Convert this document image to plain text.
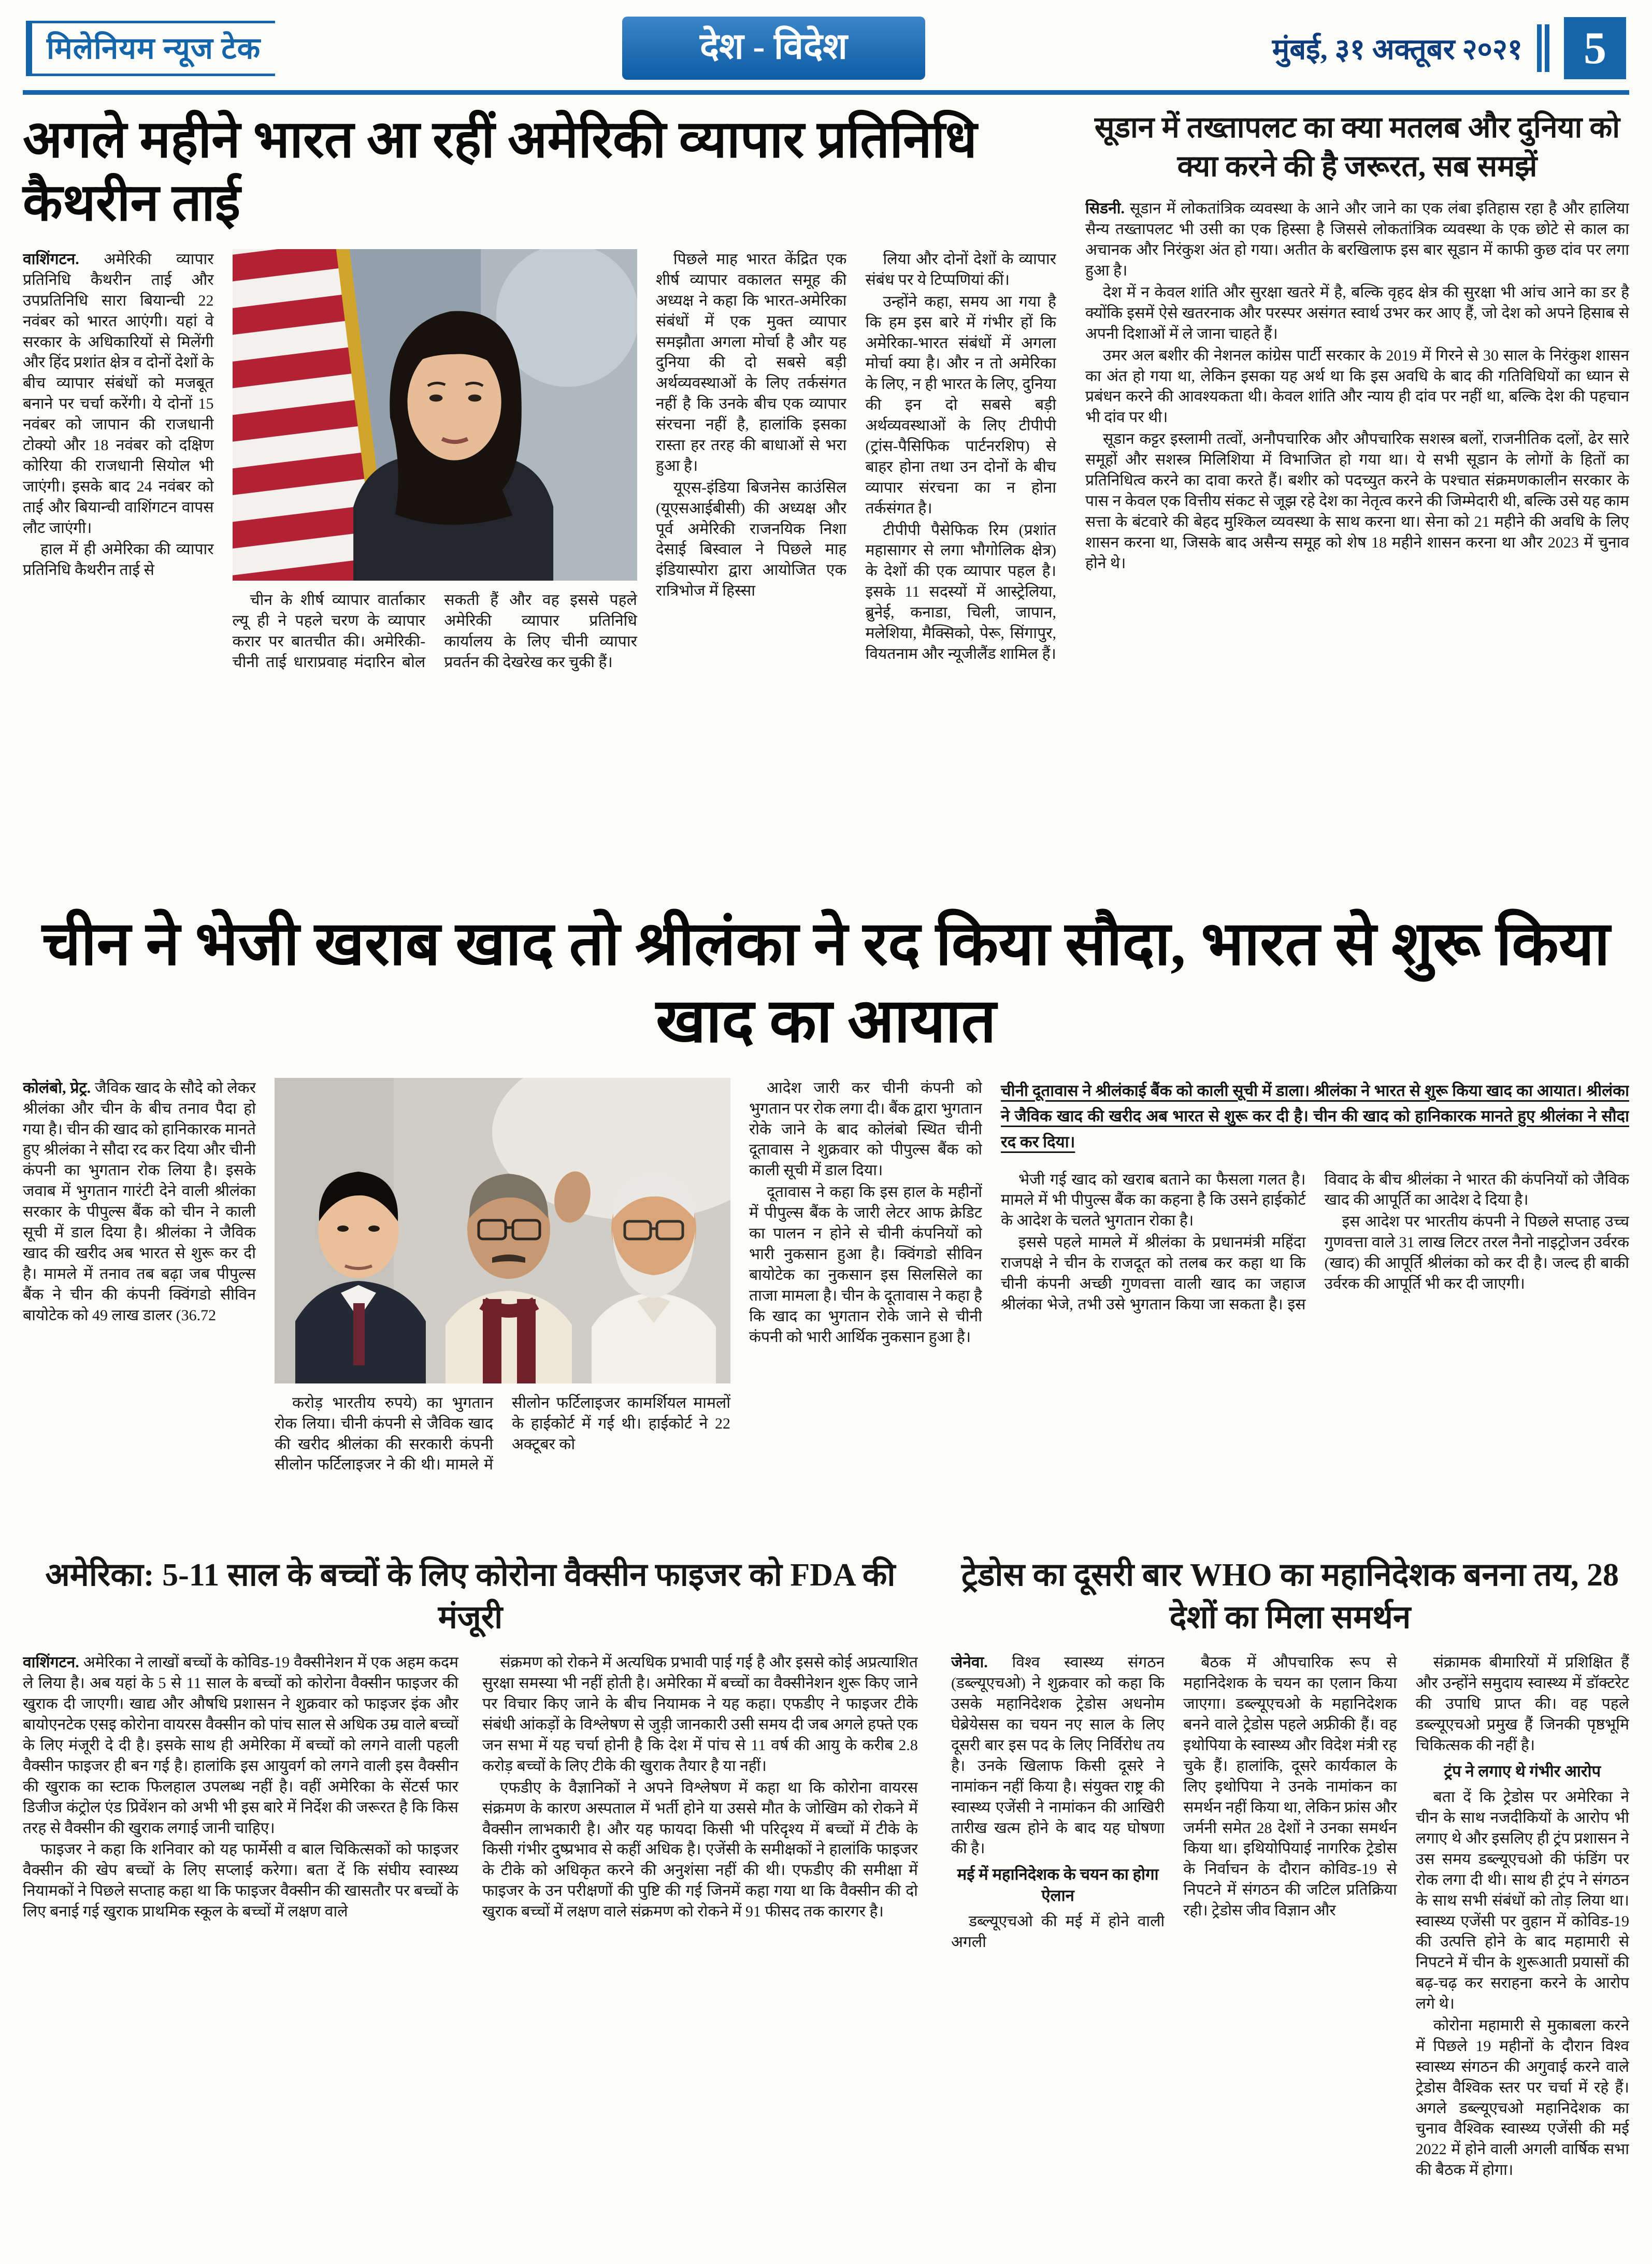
मिलेनियम न्यूज टेक	देश - विदेश	मुंबई, ३१ अक्तूबर २०२१	5
अगले महीने भारत आ रहीं अमेरिकी व्यापार प्रतिनिधि कैथरीन ताई

वाशिंगटन. अमेरिकी व्यापार प्रतिनिधि कैथरीन ताई और उपप्रतिनिधि सारा बियान्ची 22 नवंबर को भारत आएंगी। यहां वे सरकार के अधिकारियों से मिलेंगी और हिंद प्रशांत क्षेत्र व दोनों देशों के बीच व्यापार संबंधों को मजबूत बनाने पर चर्चा करेंगी। ये दोनों 15 नवंबर को जापान की राजधानी टोक्यो और 18 नवंबर को दक्षिण कोरिया की राजधानी सियोल भी जाएंगी। इसके बाद 24 नवंबर को ताई और बियान्ची वाशिंगटन वापस लौट जाएंगी।

हाल में ही अमेरिका की व्यापार प्रतिनिधि कैथरीन ताई से

चीन के शीर्ष व्यापार वार्ताकार ल्यू ही ने पहले चरण के व्यापार करार पर बातचीत की। अमेरिकी-चीनी ताई धाराप्रवाह मंदारिन बोल सकती हैं और वह इससे पहले अमेरिकी व्यापार प्रतिनिधि कार्यालय के लिए चीनी व्यापार प्रवर्तन की देखरेख कर चुकी हैं।

पिछले माह भारत केंद्रित एक शीर्ष व्यापार वकालत समूह की अध्यक्ष ने कहा कि भारत-अमेरिका संबंधों में एक मुक्त व्यापार समझौता अगला मोर्चा है और यह दुनिया की दो सबसे बड़ी अर्थव्यवस्थाओं के लिए तर्कसंगत नहीं है कि उनके बीच एक व्यापार संरचना नहीं है, हालांकि इसका रास्ता हर तरह की बाधाओं से भरा हुआ है।

यूएस-इंडिया बिजनेस काउंसिल (यूएसआईबीसी) की अध्यक्ष और पूर्व अमेरिकी राजनयिक निशा देसाई बिस्वाल ने पिछले माह इंडियास्पोरा द्वारा आयोजित एक रात्रिभोज में हिस्सा

लिया और दोनों देशों के व्यापार संबंध पर ये टिप्पणियां कीं।

उन्होंने कहा, समय आ गया है कि हम इस बारे में गंभीर हों कि अमेरिका-भारत संबंधों में अगला मोर्चा क्या है। और न तो अमेरिका के लिए, न ही भारत के लिए, दुनिया की इन दो सबसे बड़ी अर्थव्यवस्थाओं के लिए टीपीपी (ट्रांस-पैसिफिक पार्टनरशिप) से बाहर होना तथा उन दोनों के बीच व्यापार संरचना का न होना तर्कसंगत है।

टीपीपी पैसेफिक रिम (प्रशांत महासागर से लगा भौगोलिक क्षेत्र) के देशों की एक व्यापार पहल है। इसके 11 सदस्यों में आस्ट्रेलिया, ब्रुनेई, कनाडा, चिली, जापान, मलेशिया, मैक्सिको, पेरू, सिंगापुर, वियतनाम और न्यूजीलैंड शामिल हैं।

सूडान में तख्तापलट का क्या मतलब और दुनिया को क्या करने की है जरूरत, सब समझें

सिडनी. सूडान में लोकतांत्रिक व्यवस्था के आने और जाने का एक लंबा इतिहास रहा है और हालिया सैन्य तख्तापलट भी उसी का एक हिस्सा है जिससे लोकतांत्रिक व्यवस्था के एक छोटे से काल का अचानक और निरंकुश अंत हो गया। अतीत के बरखिलाफ इस बार सूडान में काफी कुछ दांव पर लगा हुआ है।

देश में न केवल शांति और सुरक्षा खतरे में है, बल्कि वृहद क्षेत्र की सुरक्षा भी आंच आने का डर है क्योंकि इसमें ऐसे खतरनाक और परस्पर असंगत स्वार्थ उभर कर आए हैं, जो देश को अपने हिसाब से अपनी दिशाओं में ले जाना चाहते हैं।

उमर अल बशीर की नेशनल कांग्रेस पार्टी सरकार के 2019 में गिरने से 30 साल के निरंकुश शासन का अंत हो गया था, लेकिन इसका यह अर्थ था कि इस अवधि के बाद की गतिविधियों का ध्यान से प्रबंधन करने की आवश्यकता थी। केवल शांति और न्याय ही दांव पर नहीं था, बल्कि देश की पहचान भी दांव पर थी।

सूडान कट्टर इस्लामी तत्वों, अनौपचारिक और औपचारिक सशस्त्र बलों, राजनीतिक दलों, ढेर सारे समूहों और सशस्त्र मिलिशिया में विभाजित हो गया था। ये सभी सूडान के लोगों के हितों का प्रतिनिधित्व करने का दावा करते हैं। बशीर को पदच्युत करने के पश्चात संक्रमणकालीन सरकार के पास न केवल एक वित्तीय संकट से जूझ रहे देश का नेतृत्व करने की जिम्मेदारी थी, बल्कि उसे यह काम सत्ता के बंटवारे की बेहद मुश्किल व्यवस्था के साथ करना था। सेना को 21 महीने की अवधि के लिए शासन करना था, जिसके बाद असैन्य समूह को शेष 18 महीने शासन करना था और 2023 में चुनाव होने थे।

चीन ने भेजी खराब खाद तो श्रीलंका ने रद किया सौदा, भारत से शुरू किया खाद का आयात

कोलंबो, प्रेट्र. जैविक खाद के सौदे को लेकर श्रीलंका और चीन के बीच तनाव पैदा हो गया है। चीन की खाद को हानिकारक मानते हुए श्रीलंका ने सौदा रद कर दिया और चीनी कंपनी का भुगतान रोक लिया है। इसके जवाब में भुगतान गारंटी देने वाली श्रीलंका सरकार के पीपुल्स बैंक को चीन ने काली सूची में डाल दिया है। श्रीलंका ने जैविक खाद की खरीद अब भारत से शुरू कर दी है। मामले में तनाव तब बढ़ा जब पीपुल्स बैंक ने चीन की कंपनी क्विंगडो सीविन बायोटेक को 49 लाख डालर (36.72

करोड़ भारतीय रुपये) का भुगतान रोक लिया। चीनी कंपनी से जैविक खाद की खरीद श्रीलंका की सरकारी कंपनी सीलोन फर्टिलाइजर ने की थी। मामले में सीलोन फर्टिलाइजर कामर्शियल मामलों के हाईकोर्ट में गई थी। हाईकोर्ट ने 22 अक्टूबर को

आदेश जारी कर चीनी कंपनी को भुगतान पर रोक लगा दी। बैंक द्वारा भुगतान रोके जाने के बाद कोलंबो स्थित चीनी दूतावास ने शुक्रवार को पीपुल्स बैंक को काली सूची में डाल दिया।

दूतावास ने कहा कि इस हाल के महीनों में पीपुल्स बैंक के जारी लेटर आफ क्रेडिट का पालन न होने से चीनी कंपनियों को भारी नुकसान हुआ है। क्विंगडो सीविन बायोटेक का नुकसान इस सिलसिले का ताजा मामला है। चीन के दूतावास ने कहा है कि खाद का भुगतान रोके जाने से चीनी कंपनी को भारी आर्थिक नुकसान हुआ है।

चीनी दूतावास ने श्रीलंकाई बैंक को काली सूची में डाला। श्रीलंका ने भारत से शुरू किया खाद का आयात। श्रीलंका ने जैविक खाद की खरीद अब भारत से शुरू कर दी है। चीन की खाद को हानिकारक मानते हुए श्रीलंका ने सौदा रद कर दिया।

भेजी गई खाद को खराब बताने का फैसला गलत है। मामले में भी पीपुल्स बैंक का कहना है कि उसने हाईकोर्ट के आदेश के चलते भुगतान रोका है।

इससे पहले मामले में श्रीलंका के प्रधानमंत्री महिंदा राजपक्षे ने चीन के राजदूत को तलब कर कहा था कि चीनी कंपनी अच्छी गुणवत्ता वाली खाद का जहाज श्रीलंका भेजे, तभी उसे भुगतान किया जा सकता है। इस विवाद के बीच श्रीलंका ने भारत की कंपनियों को जैविक खाद की आपूर्ति का आदेश दे दिया है।

इस आदेश पर भारतीय कंपनी ने पिछले सप्ताह उच्च गुणवत्ता वाले 31 लाख लिटर तरल नैनो नाइट्रोजन उर्वरक (खाद) की आपूर्ति श्रीलंका को कर दी है। जल्द ही बाकी उर्वरक की आपूर्ति भी कर दी जाएगी।

अमेरिका: 5-11 साल के बच्चों के लिए कोरोना वैक्सीन फाइजर को FDA की मंजूरी

वाशिंगटन. अमेरिका ने लाखों बच्चों के कोविड-19 वैक्सीनेशन में एक अहम कदम ले लिया है। अब यहां के 5 से 11 साल के बच्चों को कोरोना वैक्सीन फाइजर की खुराक दी जाएगी। खाद्य और औषधि प्रशासन ने शुक्रवार को फाइजर इंक और बायोएनटेक एसइ कोरोना वायरस वैक्सीन को पांच साल से अधिक उम्र वाले बच्चों के लिए मंजूरी दे दी है। इसके साथ ही अमेरिका में बच्चों को लगने वाली पहली वैक्सीन फाइजर ही बन गई है। हालांकि इस आयुवर्ग को लगने वाली इस वैक्सीन की खुराक का स्टाक फिलहाल उपलब्ध नहीं है। वहीं अमेरिका के सेंटर्स फार डिजीज कंट्रोल एंड प्रिवेंशन को अभी भी इस बारे में निर्देश की जरूरत है कि किस तरह से वैक्सीन की खुराक लगाई जानी चाहिए।

फाइजर ने कहा कि शनिवार को यह फार्मेसी व बाल चिकित्सकों को फाइजर वैक्सीन की खेप बच्चों के लिए सप्लाई करेगा। बता दें कि संघीय स्वास्थ्य नियामकों ने पिछले सप्ताह कहा था कि फाइजर वैक्सीन की खासतौर पर बच्चों के लिए बनाई गई खुराक प्राथमिक स्कूल के बच्चों में लक्षण वाले

संक्रमण को रोकने में अत्यधिक प्रभावी पाई गई है और इससे कोई अप्रत्याशित सुरक्षा समस्या भी नहीं होती है। अमेरिका में बच्चों का वैक्सीनेशन शुरू किए जाने पर विचार किए जाने के बीच नियामक ने यह कहा। एफडीए ने फाइजर टीके संबंधी आंकड़ों के विश्लेषण से जुड़ी जानकारी उसी समय दी जब अगले हफ्ते एक जन सभा में यह चर्चा होनी है कि देश में पांच से 11 वर्ष की आयु के करीब 2.8 करोड़ बच्चों के लिए टीके की खुराक तैयार है या नहीं।

एफडीए के वैज्ञानिकों ने अपने विश्लेषण में कहा था कि कोरोना वायरस संक्रमण के कारण अस्पताल में भर्ती होने या उससे मौत के जोखिम को रोकने में वैक्सीन लाभकारी है। और यह फायदा किसी भी परिदृश्य में बच्चों में टीके के किसी गंभीर दुष्प्रभाव से कहीं अधिक है। एजेंसी के समीक्षकों ने हालांकि फाइजर के टीके को अधिकृत करने की अनुशंसा नहीं की थी। एफडीए की समीक्षा में फाइजर के उन परीक्षणों की पुष्टि की गई जिनमें कहा गया था कि वैक्सीन की दो खुराक बच्चों में लक्षण वाले संक्रमण को रोकने में 91 फीसद तक कारगर है।

ट्रेडोस का दूसरी बार WHO का महानिदेशक बनना तय, 28 देशों का मिला समर्थन

जेनेवा. विश्व स्वास्थ्य संगठन (डब्ल्यूएचओ) ने शुक्रवार को कहा कि उसके महानिदेशक ट्रेडोस अधनोम घेब्रेयेसस का चयन नए साल के लिए दूसरी बार इस पद के लिए निर्विरोध तय है। उनके खिलाफ किसी दूसरे ने नामांकन नहीं किया है। संयुक्त राष्ट्र की स्वास्थ्य एजेंसी ने नामांकन की आखिरी तारीख खत्म होने के बाद यह घोषणा की है।

मई में महानिदेशक के चयन का होगा ऐलान

डब्ल्यूएचओ की मई में होने वाली अगली

बैठक में औपचारिक रूप से महानिदेशक के चयन का एलान किया जाएगा। डब्ल्यूएचओ के महानिदेशक बनने वाले ट्रेडोस पहले अफ्रीकी हैं। वह इथोपिया के स्वास्थ्य और विदेश मंत्री रह चुके हैं। हालांकि, दूसरे कार्यकाल के लिए इथोपिया ने उनके नामांकन का समर्थन नहीं किया था, लेकिन फ्रांस और जर्मनी समेत 28 देशों ने उनका समर्थन किया था। इथियोपियाई नागरिक ट्रेडोस के निर्वाचन के दौरान कोविड-19 से निपटने में संगठन की जटिल प्रतिक्रिया रही। ट्रेडोस जीव विज्ञान और

संक्रामक बीमारियों में प्रशिक्षित हैं और उन्होंने समुदाय स्वास्थ्य में डॉक्टरेट की उपाधि प्राप्त की। वह पहले डब्ल्यूएचओ प्रमुख हैं जिनकी पृष्ठभूमि चिकित्सक की नहीं है।

ट्रंप ने लगाए थे गंभीर आरोप

बता दें कि ट्रेडोस पर अमेरिका ने चीन के साथ नजदीकियों के आरोप भी लगाए थे और इसलिए ही ट्रंप प्रशासन ने उस समय डब्ल्यूएचओ की फंडिंग पर रोक लगा दी थी। साथ ही ट्रंप ने संगठन के साथ सभी संबंधों को तोड़ लिया था। स्वास्थ्य एजेंसी पर वुहान में कोविड-19 की उत्पत्ति होने के बाद महामारी से निपटने में चीन के शुरूआती प्रयासों की बढ़-चढ़ कर सराहना करने के आरोप लगे थे।

कोरोना महामारी से मुकाबला करने में पिछले 19 महीनों के दौरान विश्व स्वास्थ्य संगठन की अगुवाई करने वाले ट्रेडोस वैश्विक स्तर पर चर्चा में रहे हैं। अगले डब्ल्यूएचओ महानिदेशक का चुनाव वैश्विक स्वास्थ्य एजेंसी की मई 2022 में होने वाली अगली वार्षिक सभा की बैठक में होगा।
